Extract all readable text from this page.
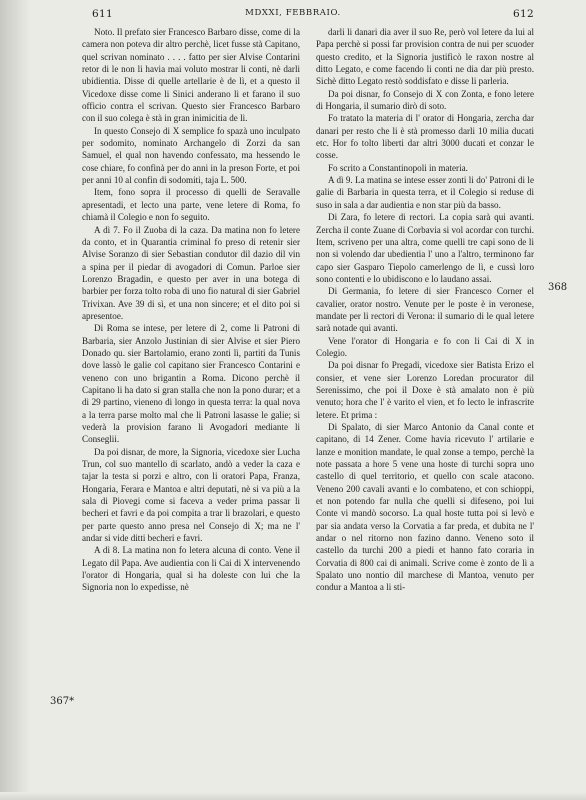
611	MDXXI, FEBBRAIO.	612

Noto. Il prefato sier Francesco Barbaro disse, come di la camera non poteva dir altro perchè, licet fusse stà Capitano, quel scrivan nominato . . . . fatto per sier Alvise Contarini retor di le non li havia mai voluto mostrar li conti, nè darli ubidientia. Disse di quelle artellarie è de lì, et a questo il Vicedoxe disse come li Sinici anderano lì et farano il suo officio contra el scrivan. Questo sier Francesco Barbaro con il suo colega è stà in gran inimicitia de lì.

In questo Consejo di X semplice fo spazà uno inculpato per sodomito, nominato Archangelo di Zorzi da san Samuel, el qual non havendo confessato, ma hessendo le cose chiare, fo confinà per do anni in la preson Forte, et poi per anni 10 al confin di sodomiti, taja L. 500.

Item, fono sopra il processo di quelli de Seravalle apresentadi, et lecto una parte, vene letere di Roma, fo chiamà il Colegio e non fo seguito.

A dì 7. Fo il Zuoba di la caza. Da matina non fo letere da conto, et in Quarantia criminal fo preso di retenir sier Alvise Soranzo di sier Sebastian condutor dil dazio dil vin a spina per il piedar di avogadori di Comun. Parloe sier Lorenzo Bragadin, e questo per aver in una botega di barbier per forza tolto roba di uno fio natural di sier Gabriel Trivixan. Ave 39 di sì, et una non sincere; et el dito poi si apresentoe.

Di Roma se intese, per letere di 2, come li Patroni di Barbaria, sier Anzolo Justinian di sier Alvise et sier Piero Donado qu. sier Bartolamio, erano zonti lì, partiti da Tunis dove lassò le galie col capitano sier Francesco Contarini e veneno con uno brigantin a Roma. Dicono perchè il Capitano li ha dato si gran stalla che non la pono durar; et a dì 29 partino, vieneno di longo in questa terra: la qual nova a la terra parse molto mal che li Patroni lasasse le galie; si vederà la provision farano li Avogadori mediante li Conseglii.

Da poi disnar, de more, la Signoria, vicedoxe sier Lucha Trun, col suo mantello di scarlato, andò a veder la caza e tajar la testa si porzi e altro, con li oratori Papa, Franza, Hongaria, Ferara e Mantoa e altri deputati, nè si va più a la sala di Piovegi come si faceva a veder prima passar li becheri et favri e da poi compita a trar li brazolari, e questo per parte questo anno presa nel Consejo di X; ma ne l' andar si vide ditti becheri e favri.

A dì 8. La matina non fo letera alcuna di conto. Vene il Legato dil Papa. Ave audientia con li Cai di X intervenendo l'orator di Hongaria, qual si ha doleste con lui che la Signoria non lo expedisse, nè

darli li danari dia aver il suo Re, però vol letere da lui al Papa perchè si possi far provision contra de nui per scuoder questo credito, et la Signoria justificò le raxon nostre al ditto Legato, e come facendo li conti ne dia dar più presto. Sichè ditto Legato restò soddisfato e disse li parleria.

Da poi disnar, fo Consejo di X con Zonta, e fono letere di Hongaria, il sumario dirò di soto.

Fo tratato la materia di l' orator di Hongaria, zercha dar danari per resto che li è stà promesso darli 10 milia ducati etc. Hor fo tolto liberti dar altri 3000 ducati et conzar le cosse.

Fo scrito a Constantinopoli in materia.

A dì 9. La matina se intese esser zonti li do' Patroni di le galie di Barbaria in questa terra, et il Colegio si reduse di suso in sala a dar audientia e non star più da basso.

Di Zara, fo letere di rectori. La copia sarà qui avanti. Zercha il conte Zuane di Corbavia si vol acordar con turchi. Item, scriveno per una altra, come quelli tre capi sono de li non si volendo dar ubedientia l' uno a l'altro, terminono far capo sier Gasparo Tiepolo camerlengo de lì, e cussì loro sono contenti e lo ubidiscono e lo laudano assai.

Di Germania, fo letere di sier Francesco Corner el cavalier, orator nostro. Venute per le poste è in veronese, mandate per li rectori di Verona: il sumario di le qual letere sarà notade qui avanti.

Vene l'orator di Hongaria e fo con li Cai di X in Colegio.

Da poi disnar fo Pregadi, vicedoxe sier Batista Erizo el consier, et vene sier Lorenzo Loredan procurator dil Serenissimo, che poi il Doxe è stà amalato non è più venuto; hora che l' è varito el vien, et fo lecto le infrascrite letere. Et prima :

Di Spalato, di sier Marco Antonio da Canal conte et capitano, di 14 Zener. Come havia ricevuto l' artilarie e lanze e monition mandate, le qual zonse a tempo, perchè la note passata a hore 5 vene una hoste di turchi sopra uno castello di quel territorio, et quello con scale atacono. Veneno 200 cavali avanti e lo combateno, et con schioppi, et non potendo far nulla che quelli si difeseno, poi lui Conte vi mandò socorso. La qual hoste tutta poi si levò e par sia andata verso la Corvatia a far preda, et dubita ne l' andar o nel ritorno non fazino danno. Veneno soto il castello da turchi 200 a piedi et hanno fato coraria in Corvatia di 800 cai di animali. Scrive come è zonto de lì a Spalato uno nontio dil marchese di Mantoa, venuto per condur a Mantoa a li sti-

367*
368
